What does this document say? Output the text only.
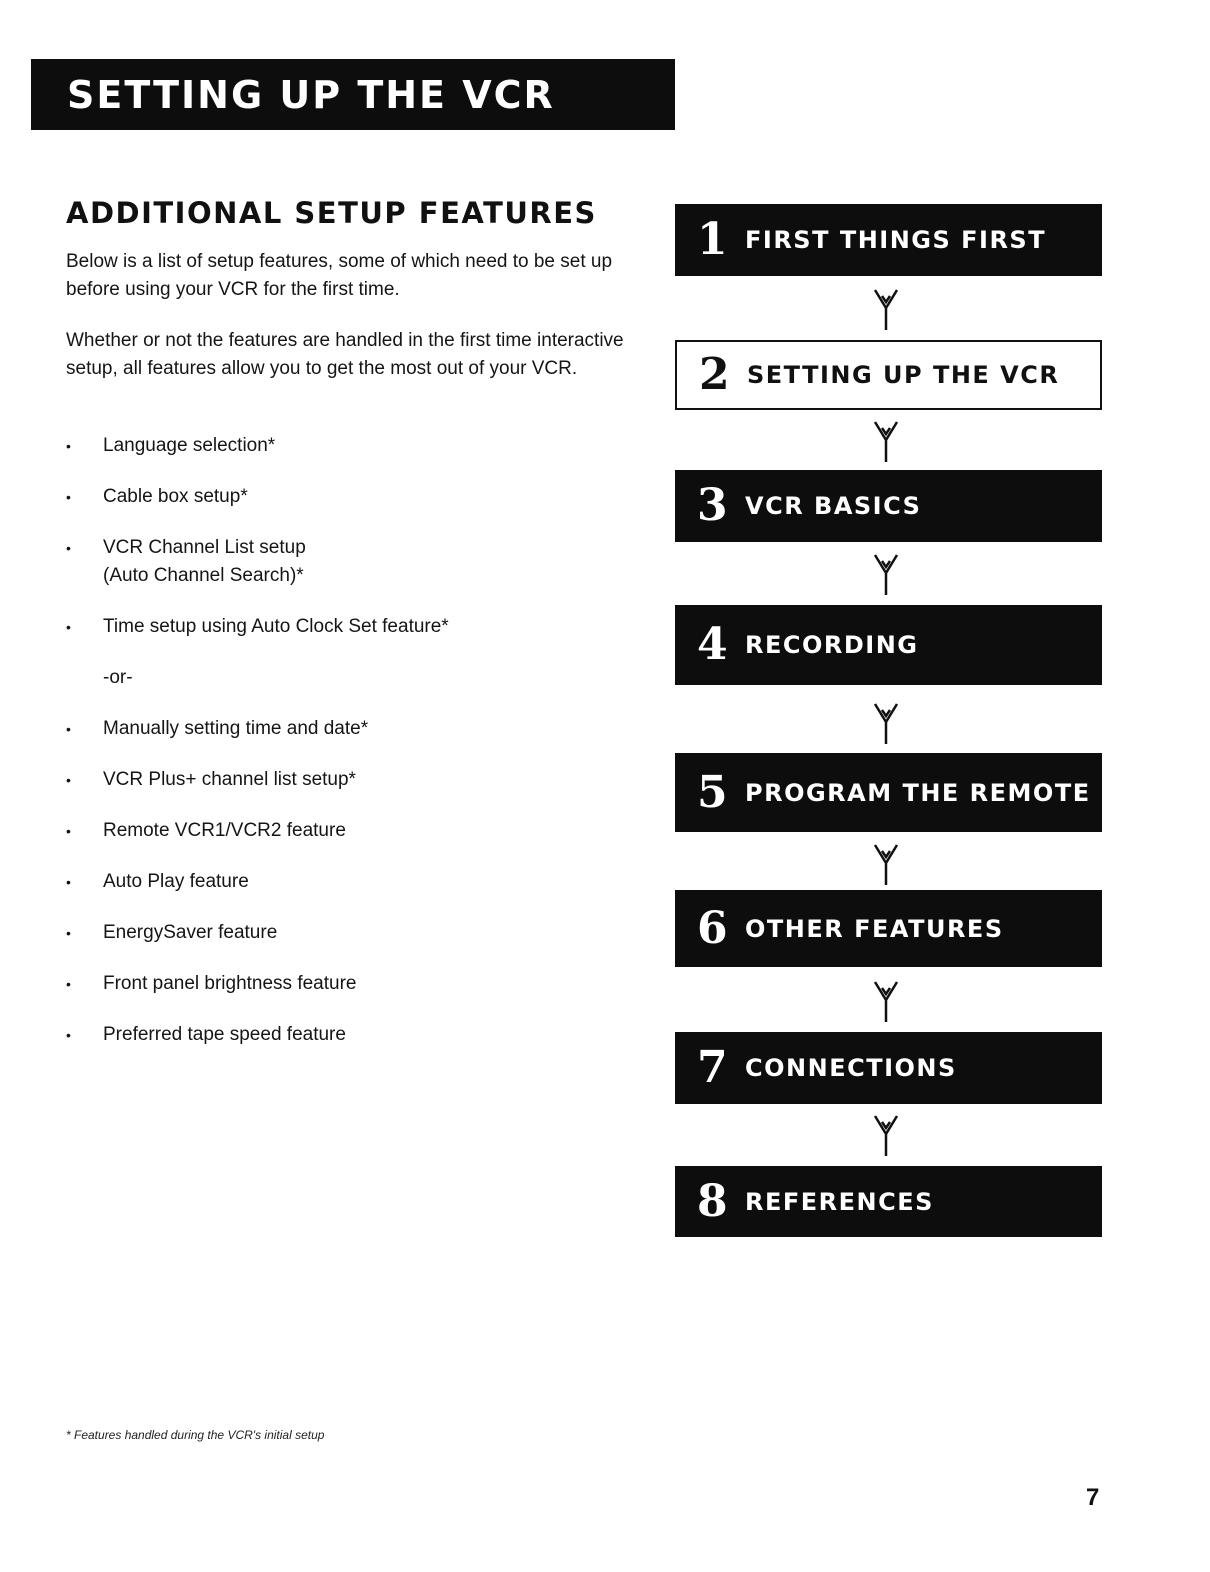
SETTING UP THE VCR
ADDITIONAL SETUP FEATURES

Below is a list of setup features, some of which need to be set up before using your VCR for the first time.

Whether or not the features are handled in the first time interactive setup, all features allow you to get the most out of your VCR.

• Language selection*
• Cable box setup*
• VCR Channel List setup
(Auto Channel Search)*
• Time setup using Auto Clock Set feature*
-or-
• Manually setting time and date*
• VCR Plus+ channel list setup*
• Remote VCR1/VCR2 feature
• Auto Play feature
• EnergySaver feature
• Front panel brightness feature
• Preferred tape speed feature
1 FIRST THINGS FIRST
2 SETTING UP THE VCR
3 VCR BASICS
4 RECORDING
5 PROGRAM THE REMOTE
6 OTHER FEATURES
7 CONNECTIONS
8 REFERENCES
* Features handled during the VCR's initial setup
7
